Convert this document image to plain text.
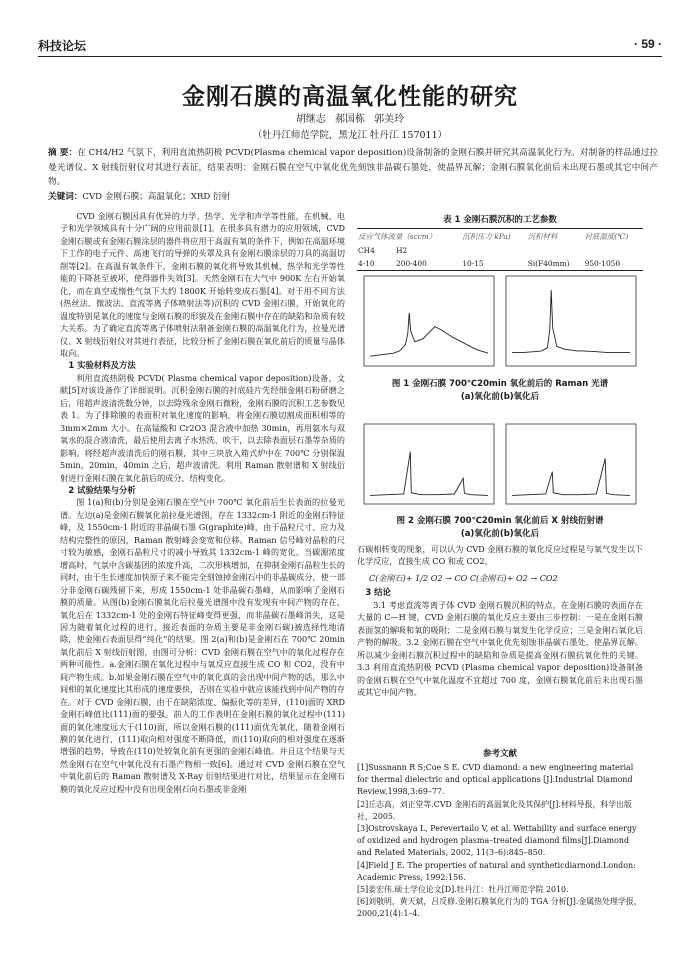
科技论坛	· 59 ·
金刚石膜的高温氧化性能的研究
胡继志 郝国栋 郭美玲
（牡丹江师范学院，黑龙江 牡丹江 157011）
摘 要：在 CH4/H2 气氛下，利用直流热阴极 PCVD(Plasma chemical vapor deposition)设备制备的金刚石膜并研究其高温氧化行为。对制备的样品通过拉曼光谱仪、X 射线衍射仪对其进行表征，结果表明：金刚石膜在空气中氧化优先刻蚀非晶碳石墨处，使晶界瓦解；金刚石膜氧化前后未出现石墨或其它中间产物。
关键词：CVD 金刚石膜；高温氧化；XRD 衍射

CVD 金刚石膜因具有优异的力学、热学、光学和声学等性能，在机械、电子和光学领域具有十分广阔的应用前景[1]。在很多具有潜力的应用领域，CVD 金刚石膜或有金刚石膜涂层的器件将应用于高温有氧的条件下，例如在高温环境下工作的电子元件、高速飞行的导弹的头罩及具有金刚石膜涂层的刀具的高温切削等[2]。在高温有氧条件下，金刚石膜的氧化将导致其机械、热学和光学等性能的下降甚至被坏，使得器件失效[3]。天然金刚石在大气中 900K 左右开始氧化，而在真空或惰性气氛下大约 1800K 开始转变成石墨[4]。对于用不同方法(热丝法、微波法、直流等离子体喷射法等)沉积的 CVD 金刚石膜，开始氧化的温度特别是氧化的速度与金刚石膜的形貌及在金刚石膜中存在的缺陷和杂质有较大关系。为了确定直流等离子体喷射法制备金刚石膜的高温氧化行为，拉曼光谱仪、X 射线衍射仪对其进行表征，比较分析了金刚石膜在氧化前后的质量与晶体取向。

1 实验材料及方法

利用直流热阴极 PCVD( Plasma chemical vapor deposition)设备，文献[5]对该设备作了详细说明。沉积金刚石膜的衬底硅片先经细金刚石粉研磨之后，用超声波清洗数分钟，以去除残余金刚石微粉，金刚石膜的沉积工艺参数见表 1。为了排除膜的表面积对氧化速度的影响，将金刚石膜切割成面积相等的 3mm×2mm 大小。在高锰酸和 Cr2O3 混合液中加热 30min，再用氨水与双氧水的混合液清洗，最后使用去离子水热洗、吹干，以去除表面层石墨等杂质的影响。将经超声波清洗后的刚石膜，其中三块放入箱式炉中在 700℃ 分别保温 5min，20min，40min 之后，超声波清洗。利用 Raman 散射谱和 X 射线衍射进行金刚石膜在氧化前后的成分、结构变化。

2 试验结果与分析

图 1(a)和(b)分别是金刚石膜在空气中 700℃ 氧化前后生长表面的拉曼光谱。左边(a)是金刚石膜氧化前拉曼光谱图，存在 1332cm-1 附近的金刚石特征峰，及 1550cm-1 附近的非晶碳石墨 G(graphite)峰，由于晶粒尺寸、应力及结构完整性的原因，Raman 散射峰会变宽和位移。Raman 信号峰对晶粒的尺寸较为敏感，金刚石晶粒尺寸的减小导致其 1332cm-1 峰的宽化。当碳源浓度增高时，气氛中含碳基团的浓度升高，二次形核增加，在抑制金刚石晶粒生长的同时，由于生长速度加快原子来不能完全刻蚀掉金刚石中的非晶碳成分，使一部分非金刚石碳残留下来，形成 1550cm-1 处非晶碳石墨峰，从而影响了金刚石膜的质量。从图(b)金刚石膜氧化后拉曼光谱图中没有发现有中间产物的存在，氧化后在 1332cm-1 处的金刚石特征峰变得更强，而非晶碳石墨峰消失，这是因为随着氧化过程的进行，接近表面的杂质主要是非金刚石碳)被选择性地清除，使金刚石表面层得“纯化”的结果。图 2(a)和(b)是金刚石在 700℃ 20min 氧化前后 X 射线衍射图，由图可分析：CVD 金刚石膜在空气中的氧化过程存在两种可能性。a.金刚石膜在氧化过程中与氧反应直接生成 CO 和 CO2，没有中间产物生成。b.如果金刚石膜在空气中的氧化真的会出现中间产物的话，那么中间相的氧化速度比其形成的速度要快，否则在实验中就应该能找到中间产物的存在。对于 CVD 金刚石膜，由于在缺陷浓度、偏振化等的差异，(110)面的 XRD 金刚石峰值比(111)面的要强。前人的工作表明在金刚石膜的氧化过程中(111)面的氧化速度远大于(110)面，所以金刚石膜的(111)面优先氧化，随着金刚石膜的氧化进行，(111)取向相对强度不断降低，而(110)取向的相对强度在逐渐增强的趋势，导致在(110)处较氧化前有更强的金刚石峰值。并且这个结果与天然金刚石在空气中氧化没有石墨产物相一致[6]。通过对 CVD 金刚石膜在空气中氧化前后的 Raman 散射谱及 X-Ray 衍射结果进行对比，结果显示在金刚石膜的氧化反应过程中没有出现金刚石向石墨或非金刚

表 1 金刚石膜沉积的工艺参数
反应气体流量（sccm）		沉积压力 kPa)	沉积材料	衬底温度(℃)
CH4	H2			
4-10	200-400	10-15	Si(F40mm)	950-1050
图 1 金刚石膜 700℃20min 氧化前后的 Raman 光谱
(a)氧化前(b)氧化后
图 2 金刚石膜 700℃20min 氧化前后 X 射线衍射谱
(a)氧化前(b)氧化后

石碳相转变的现象，可以认为 CVD 金刚石膜的氧化反应过程是与氧气发生以下化学反应，直接生成 CO 和或 CO2。

C(金刚石)+ 1/2 O2 → CO C(金刚石)+ O2 → CO2

3 结论

3.1 考虑直流等离子体 CVD 金刚石膜沉积的特点，在金刚石膜的表面存在大量的 C—H 键，CVD 金刚石膜的氧化反应主要由三步控制：一是在金刚石膜表面氢的解吸和氧的吸附；二是金刚石膜与氧发生化学反应；三是金刚石氧化后产物的解吸。3.2 金刚石膜在空气中氧化优先刻蚀非晶碳石墨处，使晶界瓦解。所以减少金刚石膜沉积过程中的缺陷和杂质是提高金刚石膜抗氧化性的关键。3.3 利用直流热阴极 PCVD (Plasma chemical vapor deposition)设备制备的金刚石膜在空气中氧化温度不宜超过 700 度，金刚石膜氧化前后未出现石墨或其它中间产物。

参考文献
[1]Sussnann R S;Coe S E. CVD diamond: a new engineering material for thermal dielectric and optical applications [J].Industrial Diamond Review,1998,3:69–77.
[2]丘志高，刘正堂等.CVD 金刚石的高温氧化及其保护[J].材料导报，科学出版社，2005.
[3]Ostrovskaya L, Perevertailo V, et al. Wettability and surface energy of oxidized and hydrogen plasma–treated diamond films[J].Diamond and Related Materials, 2002, 11(3–6):845–850.
[4]Field J E. The properties of natural and syntheticdiarnond.London: Academic Press, 1992:156.
[5]姜宏伟.硕士学位论文[D].牡丹江：牡丹江师范学院 2010.
[6]刘敬明，黄天斌，吕反修.金刚石膜氧化行为的 TGA 分析[J].金属热处理学报，2000,21(4):1–4.
